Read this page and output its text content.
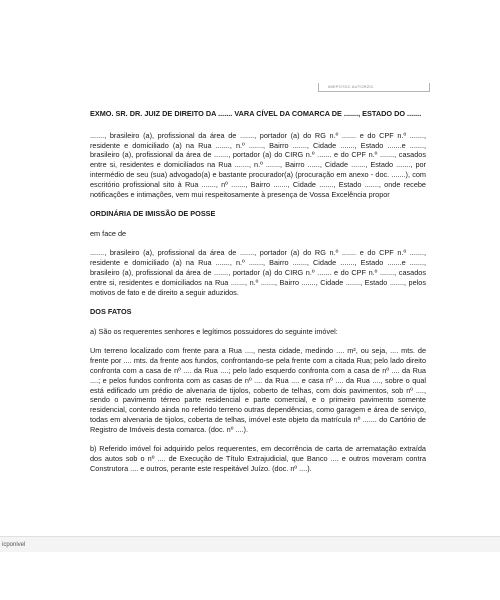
IMEPOTDC AUTORZIC

EXMO. SR. DR. JUIZ DE DIREITO DA ....... VARA CÍVEL DA COMARCA DE ......., ESTADO DO .......

......., brasileiro (a), profissional da área de ......., portador (a) do RG n.º ....... e do CPF n.º ......., residente e domiciliado (a) na Rua ......., n.º ......., Bairro ......., Cidade ......., Estado .......e ......., brasileiro (a), profissional da área de ......., portador (a) do CIRG n.º ....... e do CPF n.º ......., casados entre si, residentes e domiciliados na Rua ......., n.º ......., Bairro ......, Cidade ......., Estado ......., por intermédio de seu (sua) advogado(a) e bastante procurador(a) (procuração em anexo - doc. .......), com escritório profissional sito à Rua ......., nº ......., Bairro ......., Cidade ......., Estado ......., onde recebe notificações e intimações, vem mui respeitosamente à presença de Vossa Excelência propor

ORDINÁRIA DE IMISSÃO DE POSSE

em face de

......., brasileiro (a), profissional da área de ......., portador (a) do RG n.º ....... e do CPF n.º ......., residente e domiciliado (a) na Rua ......., n.º ......., Bairro ......., Cidade ......., Estado .......e ......., brasileiro (a), profissional da área de ......., portador (a) do CIRG n.º ....... e do CPF n.º ......., casados entre si, residentes e domiciliados na Rua ......., n.º ......., Bairro ......., Cidade ......., Estado ......., pelos motivos de fato e de direito a seguir aduzidos.

DOS FATOS

a) São os requerentes senhores e legítimos possuidores do seguinte imóvel:

Um terreno localizado com frente para a Rua ...., nesta cidade, medindo .... m², ou seja, .... mts. de frente por .... mts. da frente aos fundos, confrontando-se pela frente com a citada Rua; pelo lado direito confronta com a casa de nº .... da Rua ....; pelo lado esquerdo confronta com a casa de nº .... da Rua ....; e pelos fundos confronta com as casas de nº .... da Rua .... e casa nº .... da Rua ...., sobre o qual está edificado um prédio de alvenaria de tijolos, coberto de telhas, com dois pavimentos, sob nº ...., sendo o pavimento térreo parte residencial e parte comercial, e o primeiro pavimento somente residencial, contendo ainda no referido terreno outras dependências, como garagem e área de serviço, todas em alvenaria de tijolos, coberta de telhas, imóvel este objeto da matrícula nº ....... do Cartório de Registro de Imóveis desta comarca. (doc. nº ....).

b) Referido imóvel foi adquirido pelos requerentes, em decorrência de carta de arrematação extraída dos autos sob o nº .... de Execução de Título Extrajudicial, que Banco .... e outros moveram contra Construtora .... e outros, perante este respeitável Juízo. (doc. nº ....).

icponivel
